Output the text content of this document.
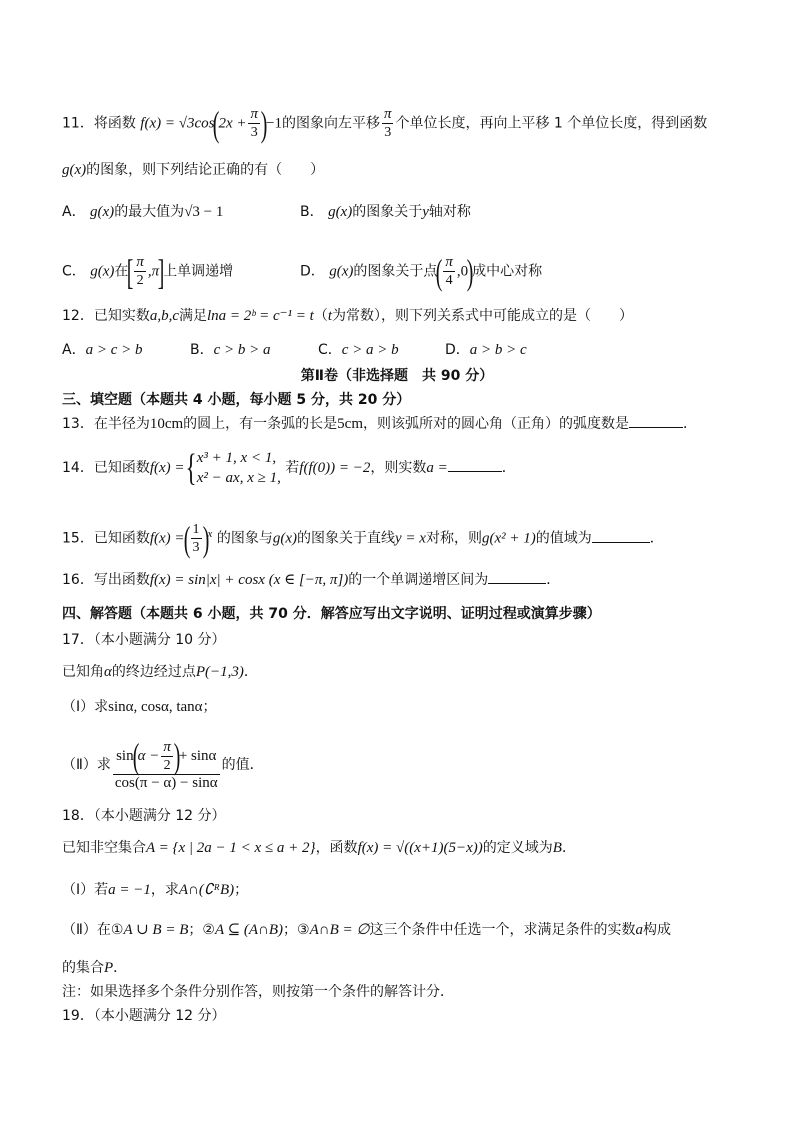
11．将函数 $f(x) = √3\cos(2x + \frac{\pi}{3} )-1$的图象向左平移 $\frac{\pi}{3}$ 个单位长度，再向上平移 1 个单位长度，得到函数
g(x)的图象，则下列结论正确的有（　　）
A． g(x)的最大值为√3 − 1	B． g(x)的图象关于y轴对称
C． g(x)在[ $\frac{\pi}{2} ,\pi$]上单调递增	D． g(x)的图象关于点( $\frac{\pi}{4} ,0$)成中心对称
12．已知实数a,b,c满足lna = 2ᵇ = c⁻¹ = t（t为常数），则下列关系式中可能成立的是（　　）
A．a > c > b	B．c > b > a	C．c > a > b	D．a > b > c
第Ⅱ卷（非选择题　共 90 分）
三、填空题（本题共 4 小题，每小题 5 分，共 20 分）
13．在半径为10cm的圆上，有一条弧的长是5cm，则该弧所对的圆心角（正角）的弧度数是	．
14．已知函数f(x) ={ x³ + 1, x < 1,
x² − ax, x ≥ 1,
若f(f(0)) = −2，则实数a =	．
15．已知函数f(x) =( $\frac{1}{3} )^x$ 的图象与g(x)的图象关于直线y = x对称，则g(x² + 1)的值域为	．
16．写出函数f(x) = sin|x| + cosx (x ∈ [−π, π])的一个单调递增区间为	．
四、解答题（本题共 6 小题，共 70 分．解答应写出文字说明、证明过程或演算步骤）
17．（本小题满分 10 分）
已知角α的终边经过点P(−1,3)．
（Ⅰ）求sinα, cosα, tanα；
（Ⅱ）求 $\frac{\sin(\alpha - \frac{\pi}{2} )+ \sin\alpha}{\cos(\pi - \alpha) - \sin\alpha}$ 的值．
18．（本小题满分 12 分）
已知非空集合A = {x | 2a − 1 < x ≤ a + 2}，函数f(x) = √((x+1)(5−x))的定义域为B．
（Ⅰ）若a = −1，求A∩(∁ᴿB)；
（Ⅱ）在①A ∪ B = B；②A ⊆ (A∩B)；③A∩B = ∅这三个条件中任选一个，求满足条件的实数a构成
的集合P．
注：如果选择多个条件分别作答，则按第一个条件的解答计分．
19．（本小题满分 12 分）
